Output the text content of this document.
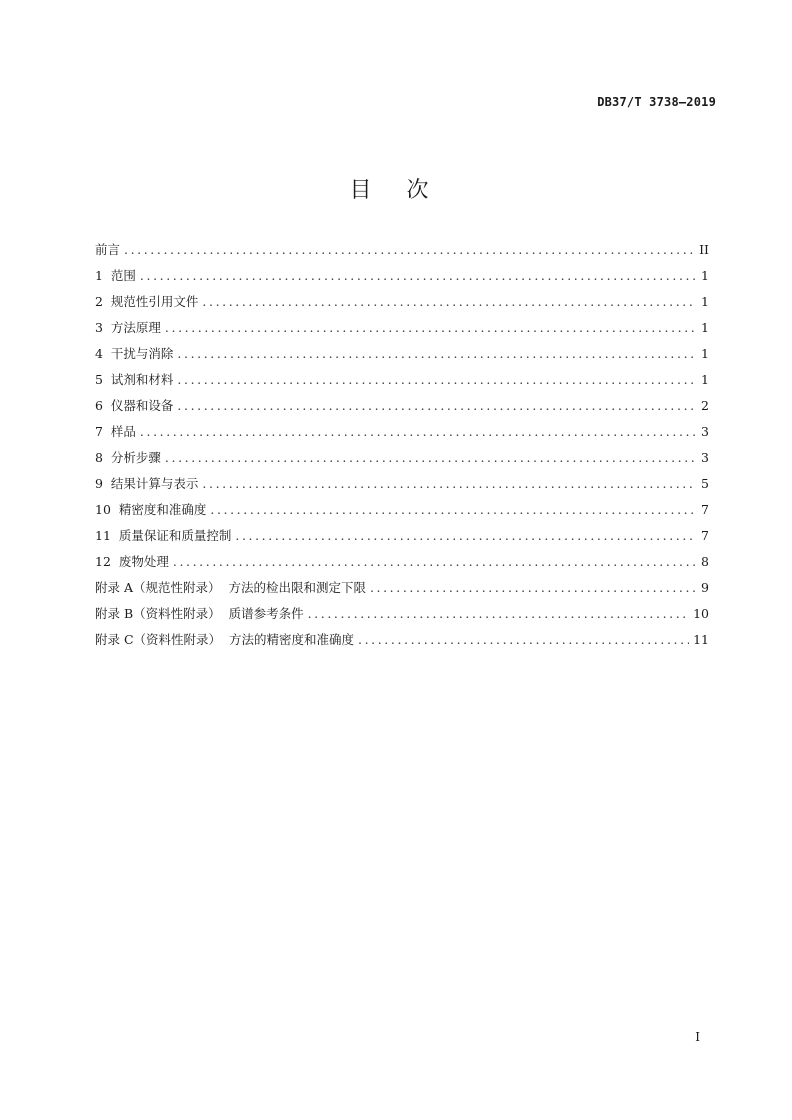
DB37/T 3738—2019
目 次
前言 .....	II
1 范围 .....	1
2 规范性引用文件 .....	1
3 方法原理 .....	1
4 干扰与消除 .....	1
5 试剂和材料 .....	1
6 仪器和设备 .....	2
7 样品 .....	3
8 分析步骤 .....	3
9 结果计算与表示 .....	5
10 精密度和准确度 .....	7
11 质量保证和质量控制 .....	7
12 废物处理 .....	8
附录 A（规范性附录）  方法的检出限和测定下限 .....	9
附录 B（资料性附录）  质谱参考条件 .....	10
附录 C（资料性附录）  方法的精密度和准确度 .....	11
I
